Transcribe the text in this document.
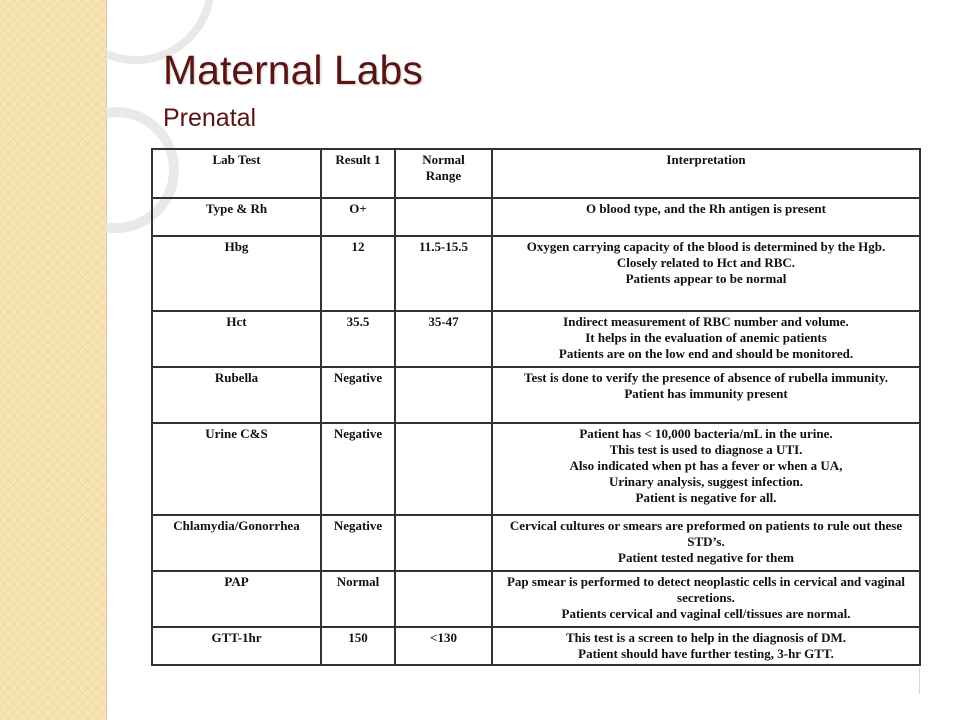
Maternal Labs
Prenatal
Lab Test	Result 1	Normal Range	Interpretation
Type & Rh	O+		O blood type, and the Rh antigen is present

Hbg	12	11.5-15.5	Oxygen carrying capacity of the blood is determined by the Hgb.
Closely related to Hct and RBC.
Patients appear to be normal

Hct	35.5	35-47	Indirect measurement of RBC number and volume.
It helps in the evaluation of anemic patients
Patients are on the low end and should be monitored.

Rubella	Negative		Test is done to verify the presence of absence of rubella immunity.
Patient has immunity present

Urine C&S	Negative		Patient has < 10,000 bacteria/mL in the urine.
This test is used to diagnose a UTI.
Also indicated when pt has a fever or when a UA,
Urinary analysis, suggest infection.
Patient is negative for all.

Chlamydia/Gonorrhea	Negative		Cervical cultures or smears are preformed on patients to rule out these STD’s.
Patient tested negative for them

PAP	Normal		Pap smear is performed to detect neoplastic cells in cervical and vaginal secretions.
Patients cervical and vaginal cell/tissues are normal.

GTT-1hr	150	<130	This test is a screen to help in the diagnosis of DM.
Patient should have further testing, 3-hr GTT.
